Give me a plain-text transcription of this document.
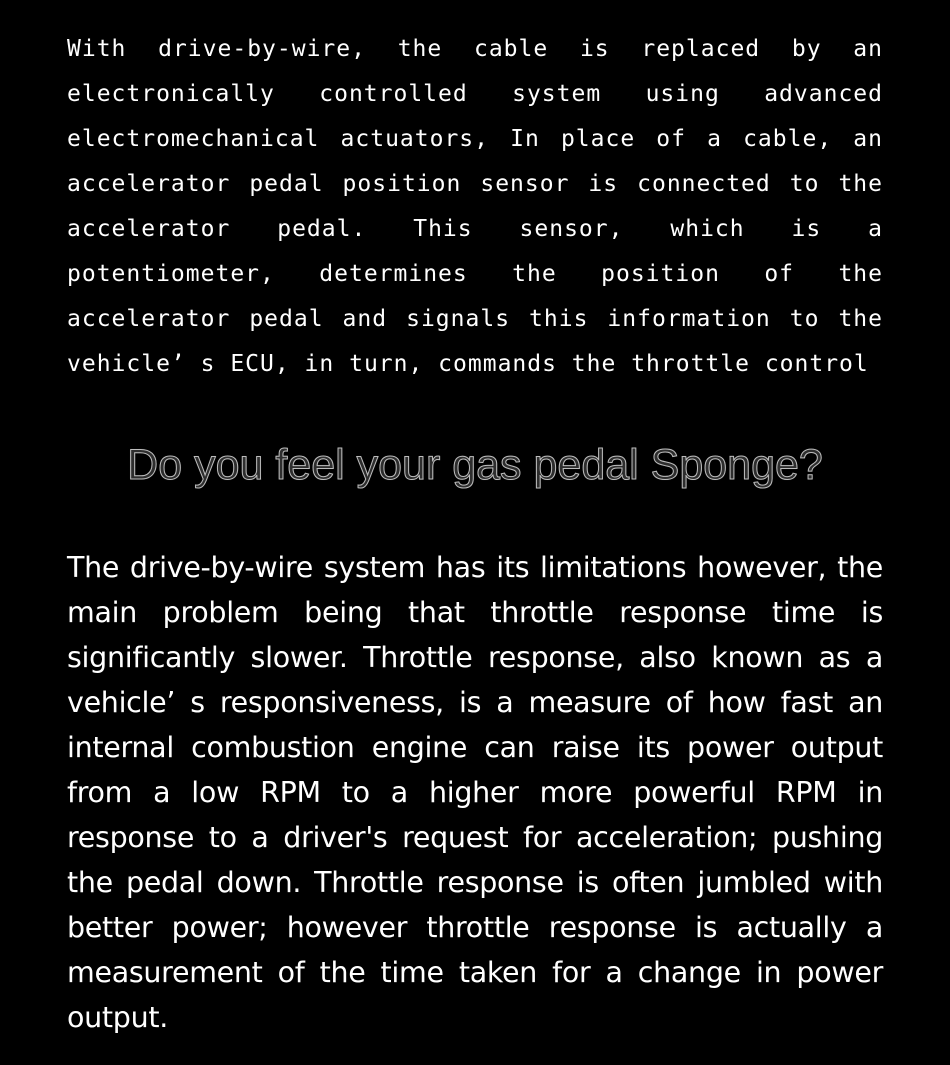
With drive-by-wire, the cable is replaced by an electronically controlled system using advanced electromechanical actuators, In place of a cable, an accelerator pedal position sensor is connected to the accelerator pedal. This sensor, which is a potentiometer, determines the position of the accelerator pedal and signals this information to the vehicle’ s ECU, in turn, commands the throttle control

Do you feel your gas pedal Sponge?

The drive-by-wire system has its limitations however, the main problem being that throttle response time is significantly slower. Throttle response, also known as a vehicle’ s responsiveness, is a measure of how fast an internal combustion engine can raise its power output from a low RPM to a higher more powerful RPM in response to a driver's request for acceleration; pushing the pedal down. Throttle response is often jumbled with better power; however throttle response is actually a measurement of the time taken for a change in power output.
